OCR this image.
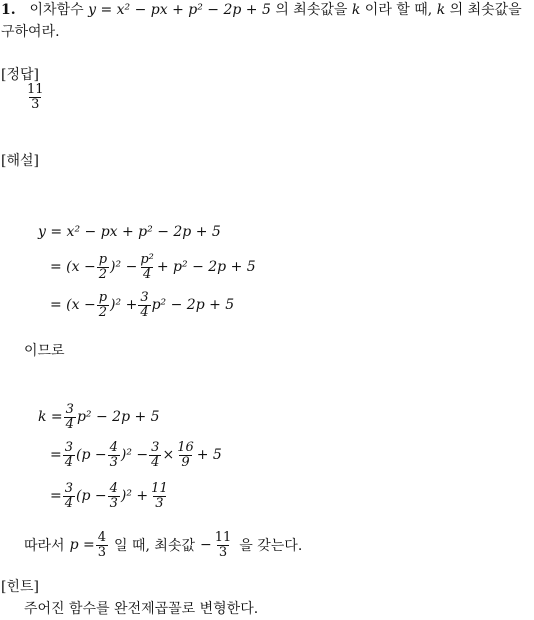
1. 이차함수 y = x² − px + p² − 2p + 5 의 최솟값을 k 이라 할 때, k 의 최솟값을
구하여라.
[정답]
$\frac{11}{3}$
[해설]
y = x² − px + p² − 2p + 5
= $(x - \frac{p}{2} )^2 - \frac{\text{p²}}{4} + p^2 - 2p + 5$
= $(x - \frac{p}{2} )^2 + \frac{3}{4} p^2 - 2p + 5$
이므로
$k = \frac{3}{4} p^2 - 2p + 5$
= $\frac{3}{4} (p - \frac{4}{3} )^2 - \frac{3}{4} \times \frac{16}{9} + 5$
= $\frac{3}{4} (p - \frac{4}{3} )^2 + \frac{11}{3}$
따라서 $p = \frac{4}{3}$ 일 때, 최솟값 − $\frac{11}{3}$ 을 갖는다.
[힌트]
주어진 함수를 완전제곱꼴로 변형한다.
